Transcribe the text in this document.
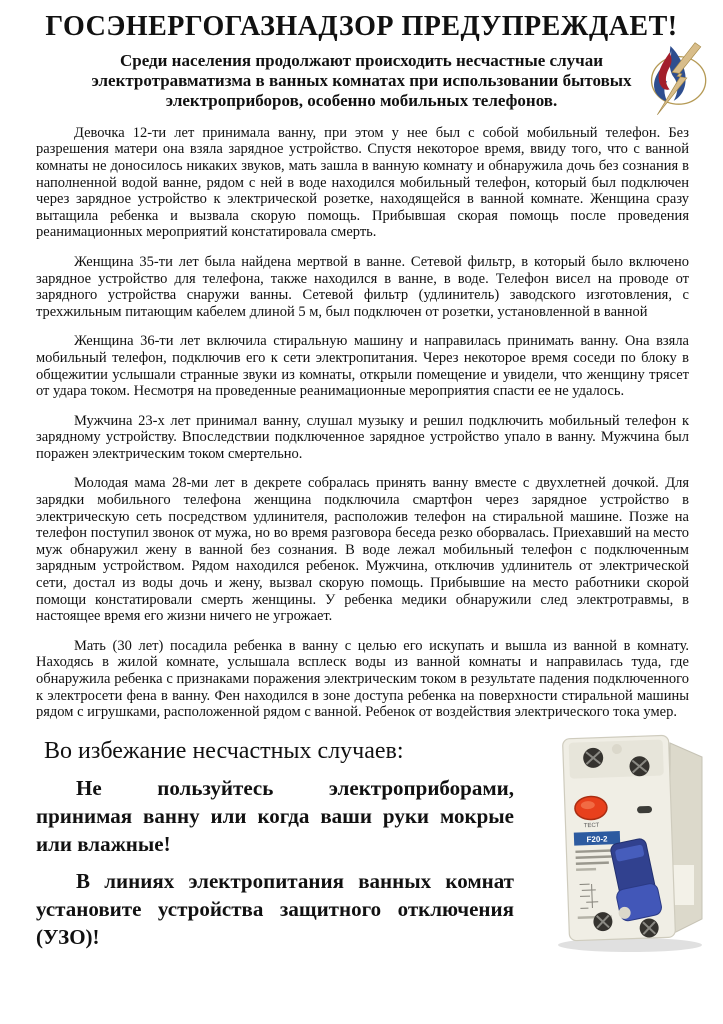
ГОСЭНЕРГОГАЗНАДЗОР ПРЕДУПРЕЖДАЕТ!
Среди населения продолжают происходить несчастные случаи электротравматизма в ванных комнатах при использовании бытовых электроприборов, особенно мобильных телефонов.

Девочка 12-ти лет принимала ванну, при этом у нее был с собой мобильный телефон. Без разрешения матери она взяла зарядное устройство. Спустя некоторое время, ввиду того, что с ванной комнаты не доносилось никаких звуков, мать зашла в ванную комнату и обнаружила дочь без сознания в наполненной водой ванне, рядом с ней в воде находился мобильный телефон, который был подключен через зарядное устройство к электрической розетке, находящейся в ванной комнате. Женщина сразу вытащила ребенка и вызвала скорую помощь. Прибывшая скорая помощь после проведения реанимационных мероприятий констатировала смерть.

Женщина 35-ти лет была найдена мертвой в ванне. Сетевой фильтр, в который было включено зарядное устройство для телефона, также находился в ванне, в воде. Телефон висел на проводе от зарядного устройства снаружи ванны. Сетевой фильтр (удлинитель) заводского изготовления, с трехжильным питающим кабелем длиной 5 м, был подключен от розетки, установленной в ванной

Женщина 36-ти лет включила стиральную машину и направилась принимать ванну. Она взяла мобильный телефон, подключив его к сети электропитания. Через некоторое время соседи по блоку в общежитии услышали странные звуки из комнаты, открыли помещение и увидели, что женщину трясет от удара током. Несмотря на проведенные реанимационные мероприятия спасти ее не удалось.

Мужчина 23-х лет принимал ванну, слушал музыку и решил подключить мобильный телефон к зарядному устройству. Впоследствии подключенное зарядное устройство упало в ванну. Мужчина был поражен электрическим током смертельно.

Молодая мама 28-ми лет в декрете собралась принять ванну вместе с двухлетней дочкой. Для зарядки мобильного телефона женщина подключила смартфон через зарядное устройство в электрическую сеть посредством удлинителя, расположив телефон на стиральной машине. Позже на телефон поступил звонок от мужа, но во время разговора беседа резко оборвалась. Приехавший на место муж обнаружил жену в ванной без сознания. В воде лежал мобильный телефон с подключенным зарядным устройством. Рядом находился ребенок. Мужчина, отключив удлинитель от электрической сети, достал из воды дочь и жену, вызвал скорую помощь. Прибывшие на место работники скорой помощи констатировали смерть женщины. У ребенка медики обнаружили след электротравмы, в настоящее время его жизни ничего не угрожает.

Мать (30 лет) посадила ребенка в ванну с целью его искупать и вышла из ванной в комнату. Находясь в жилой комнате, услышала всплеск воды из ванной комнаты и направилась туда, где обнаружила ребенка с признаками поражения электрическим током в результате падения подключенного к электросети фена в ванну. Фен находился в зоне доступа ребенка на поверхности стиральной машины рядом с игрушками, расположенной рядом с ванной. Ребенок от воздействия электрического тока умер.

Во избежание несчастных случаев:
Не пользуйтесь электроприборами, принимая ванну или когда ваши руки мокрые или влажные!
В линиях электропитания ванных комнат установите устройства защитного отключения (УЗО)!
ТЕСТ
F20-2
